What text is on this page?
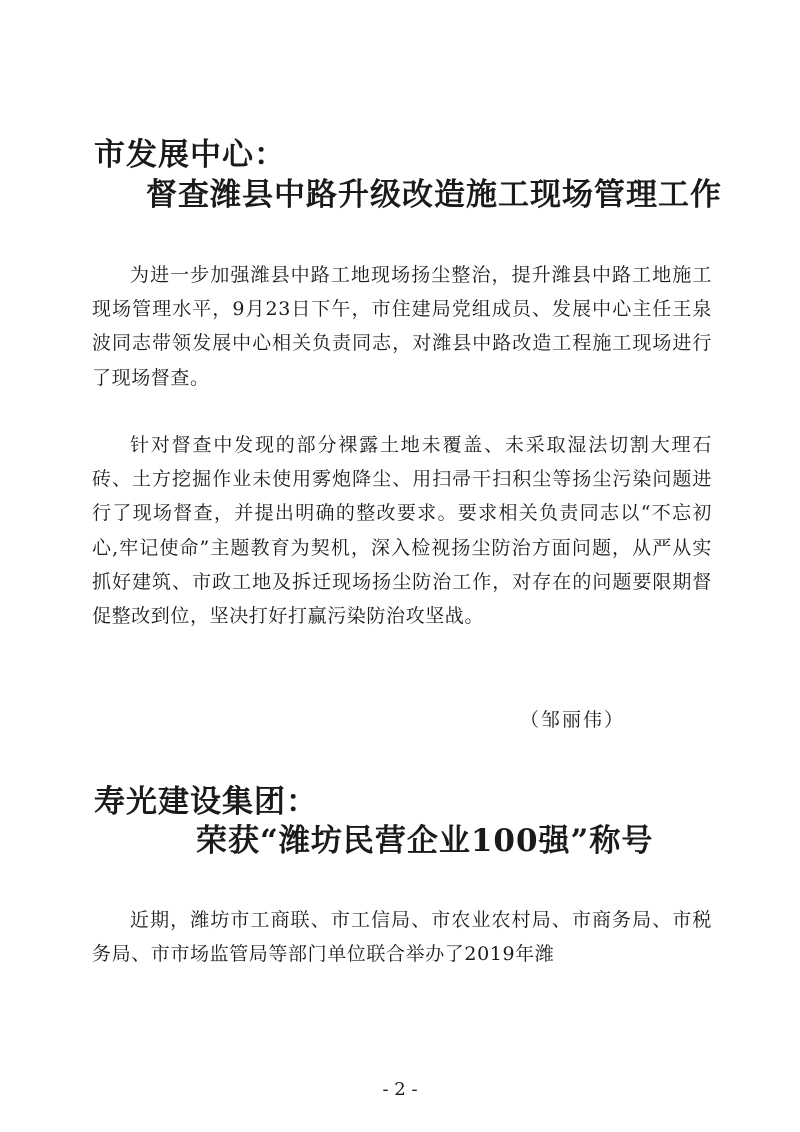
市发展中心：
督查潍县中路升级改造施工现场管理工作

为进一步加强潍县中路工地现场扬尘整治，提升潍县中路工地施工现场管理水平，9月23日下午，市住建局党组成员、发展中心主任王泉波同志带领发展中心相关负责同志，对潍县中路改造工程施工现场进行了现场督查。

针对督查中发现的部分裸露土地未覆盖、未采取湿法切割大理石砖、土方挖掘作业未使用雾炮降尘、用扫帚干扫积尘等扬尘污染问题进行了现场督查，并提出明确的整改要求。要求相关负责同志以“不忘初心,牢记使命”主题教育为契机，深入检视扬尘防治方面问题，从严从实抓好建筑、市政工地及拆迁现场扬尘防治工作，对存在的问题要限期督促整改到位，坚决打好打赢污染防治攻坚战。

（邹丽伟）
寿光建设集团：
荣获“潍坊民营企业100强”称号

近期，潍坊市工商联、市工信局、市农业农村局、市商务局、市税务局、市市场监管局等部门单位联合举办了2019年潍

- 2 -
